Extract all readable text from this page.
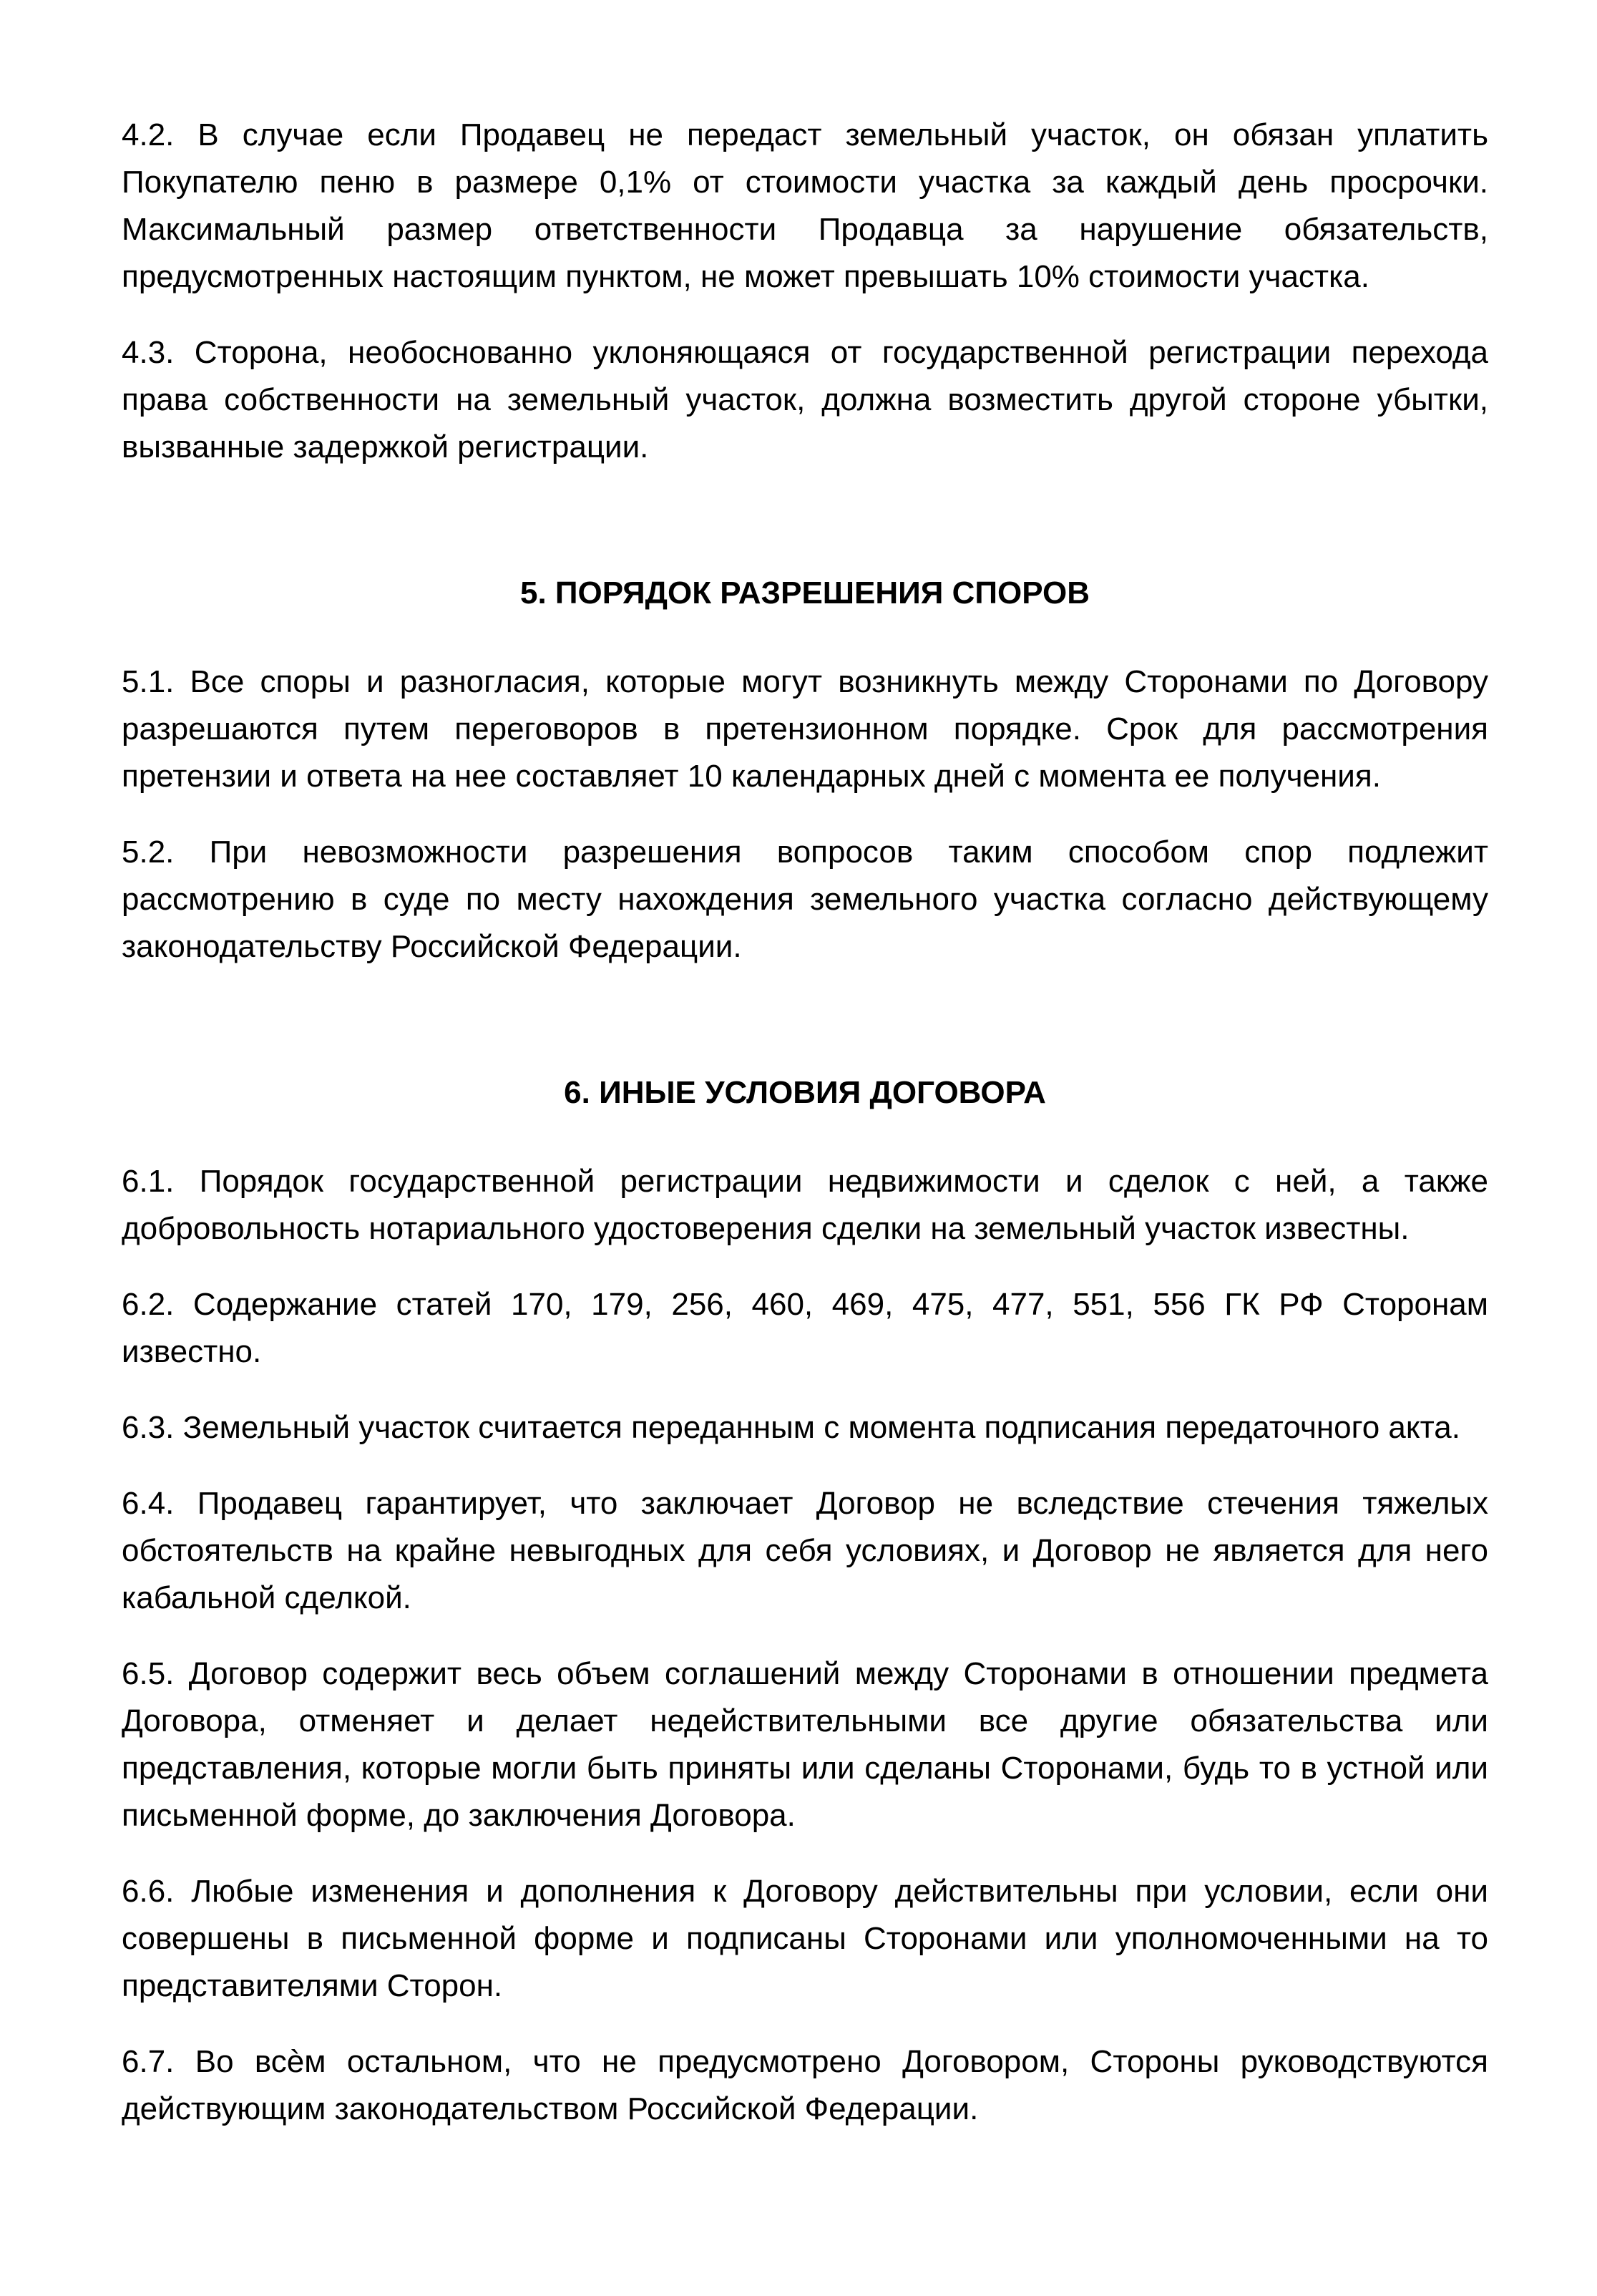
4.2. В случае если Продавец не передаст земельный участок, он обязан уплатить Покупателю пеню в размере 0,1% от стоимости участка за каждый день просрочки. Максимальный размер ответственности Продавца за нарушение обязательств, предусмотренных настоящим пунктом, не может превышать 10% стоимости участка.

4.3. Сторона, необоснованно уклоняющаяся от государственной регистрации перехода права собственности на земельный участок, должна возместить другой стороне убытки, вызванные задержкой регистрации.

5. ПОРЯДОК РАЗРЕШЕНИЯ СПОРОВ

5.1. Все споры и разногласия, которые могут возникнуть между Сторонами по Договору разрешаются путем переговоров в претензионном порядке. Срок для рассмотрения претензии и ответа на нее составляет 10 календарных дней с момента ее получения.

5.2. При невозможности разрешения вопросов таким способом спор подлежит рассмотрению в суде по месту нахождения земельного участка согласно действующему законодательству Российской Федерации.

6. ИНЫЕ УСЛОВИЯ ДОГОВОРА

6.1. Порядок государственной регистрации недвижимости и сделок с ней, а также добровольность нотариального удостоверения сделки на земельный участок известны.

6.2. Содержание статей 170, 179, 256, 460, 469, 475, 477, 551, 556 ГК РФ Сторонам известно.

6.3. Земельный участок считается переданным с момента подписания передаточного акта.

6.4. Продавец гарантирует, что заключает Договор не вследствие стечения тяжелых обстоятельств на крайне невыгодных для себя условиях, и Договор не является для него кабальной сделкой.

6.5. Договор содержит весь объем соглашений между Сторонами в отношении предмета Договора, отменяет и делает недействительными все другие обязательства или представления, которые могли быть приняты или сделаны Сторонами, будь то в устной или письменной форме, до заключения Договора.

6.6. Любые изменения и дополнения к Договору действительны при условии, если они совершены в письменной форме и подписаны Сторонами или уполномоченными на то представителями Сторон.

6.7. Во всѐм остальном, что не предусмотрено Договором, Стороны руководствуются действующим законодательством Российской Федерации.
